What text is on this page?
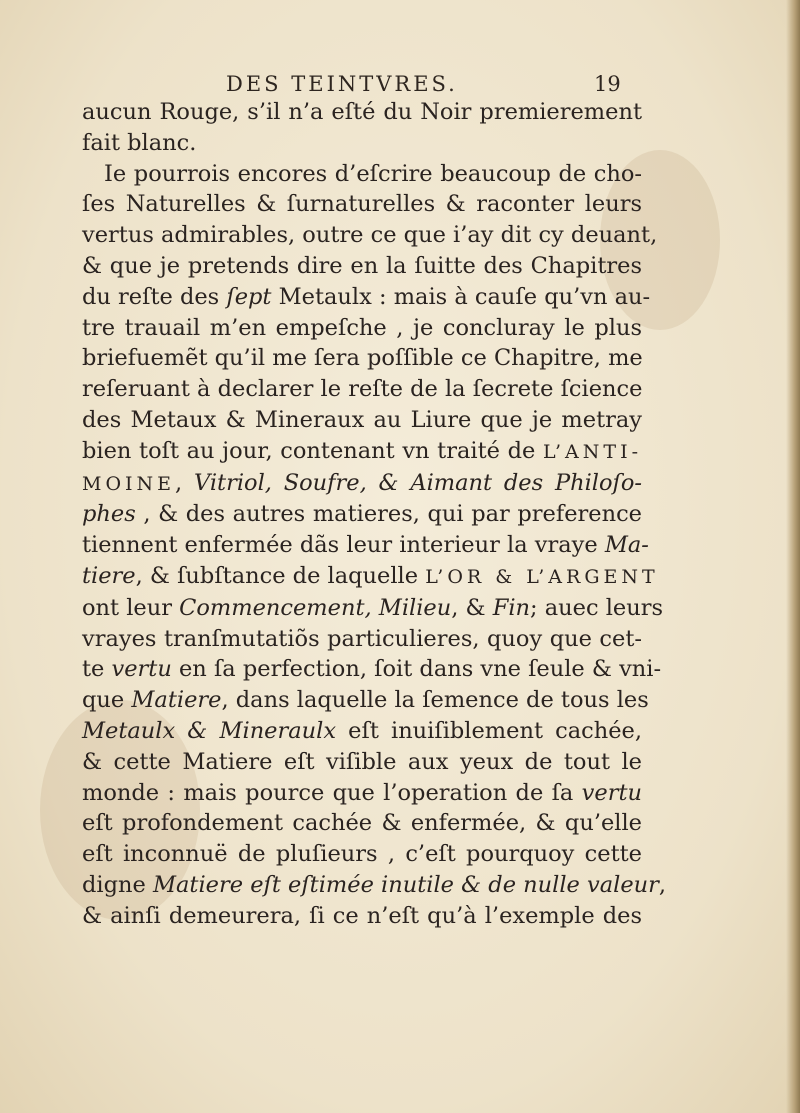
DES TEINTVRES.	19
aucun Rouge, s’il n’a eſté du Noir premierement
fait blanc.
Ie pourrois encores d’eſcrire beaucoup de cho-
ſes Naturelles & ſurnaturelles & raconter leurs
vertus admirables, outre ce que i’ay dit cy deuant,
& que je pretends dire en la ſuitte des Chapitres
du reſte des ſept Metaulx : mais à cauſe qu’vn au-
tre trauail m’en empeſche , je concluray le plus
briefuemẽt qu’il me ſera poſſible ce Chapitre, me
reſeruant à declarer le reſte de la ſecrete ſcience
des Metaux & Mineraux au Liure que je metray
bien toſt au jour, contenant vn traité de L’ANTI-
MOINE, Vitriol, Soufre, & Aimant des Philoſo-
phes , & des autres matieres, qui par preference
tiennent enfermée dãs leur interieur la vraye Ma-
tiere, & ſubſtance de laquelle L’OR & L’ARGENT
ont leur Commencement, Milieu, & Fin; auec leurs
vrayes tranſmutatiõs particulieres, quoy que cet-
te vertu en ſa perfection, ſoit dans vne ſeule & vni-
que Matiere, dans laquelle la ſemence de tous les
Metaulx & Mineraulx eſt inuiſiblement cachée,
& cette Matiere eſt viſible aux yeux de tout le
monde : mais pource que l’operation de ſa vertu
eſt profondement cachée & enfermée, & qu’elle
eſt inconnuë de pluſieurs , c’eſt pourquoy cette
digne Matiere eſt eſtimée inutile & de nulle valeur,
& ainſi demeurera, ſi ce n’eſt qu’à l’exemple des
